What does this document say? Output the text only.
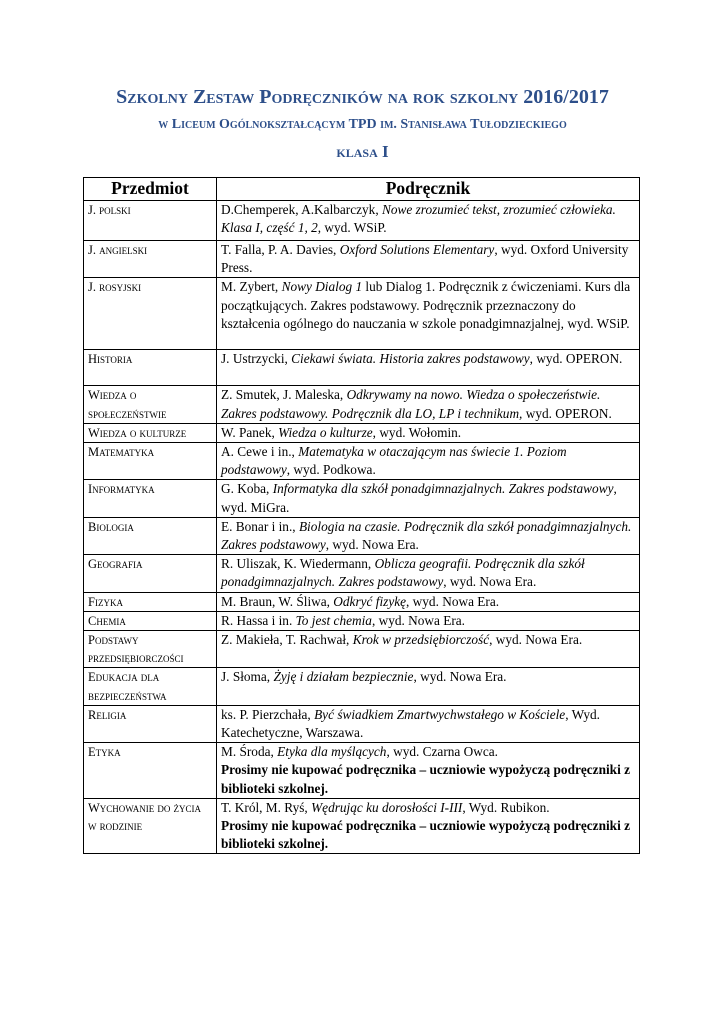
Szkolny Zestaw Podręczników na rok szkolny 2016/2017
w Liceum Ogólnokształcącym TPD im. Stanisława Tułodzieckiego
klasa I
Przedmiot	Podręcznik
J. polski	D.Chemperek, A.Kalbarczyk, Nowe zrozumieć tekst, zrozumieć człowieka. Klasa I, część 1, 2, wyd. WSiP.
J. angielski	T. Falla, P. A. Davies, Oxford Solutions Elementary, wyd. Oxford University Press.
J. rosyjski	M. Zybert, Nowy Dialog 1 lub Dialog 1. Podręcznik z ćwiczeniami. Kurs dla początkujących. Zakres podstawowy. Podręcznik przeznaczony do kształcenia ogólnego do nauczania w szkole ponadgimnazjalnej, wyd. WSiP.
Historia	J. Ustrzycki, Ciekawi świata. Historia zakres podstawowy, wyd. OPERON.
Wiedza o społeczeństwie	Z. Smutek, J. Maleska, Odkrywamy na nowo. Wiedza o społeczeństwie. Zakres podstawowy. Podręcznik dla LO, LP i technikum, wyd. OPERON.
Wiedza o kulturze	W. Panek, Wiedza o kulturze, wyd. Wołomin.
Matematyka	A. Cewe i in., Matematyka w otaczającym nas świecie 1. Poziom podstawowy, wyd. Podkowa.
Informatyka	G. Koba, Informatyka dla szkół ponadgimnazjalnych. Zakres podstawowy, wyd. MiGra.
Biologia	E. Bonar i in., Biologia na czasie. Podręcznik dla szkół ponadgimnazjalnych. Zakres podstawowy, wyd. Nowa Era.
Geografia	R. Uliszak, K. Wiedermann, Oblicza geografii. Podręcznik dla szkół ponadgimnazjalnych. Zakres podstawowy, wyd. Nowa Era.
Fizyka	M. Braun, W. Śliwa, Odkryć fizykę, wyd. Nowa Era.
Chemia	R. Hassa i in. To jest chemia, wyd. Nowa Era.
Podstawy przedsiębiorczości	Z. Makieła, T. Rachwał, Krok w przedsiębiorczość, wyd. Nowa Era.
Edukacja dla bezpieczeństwa	J. Słoma, Żyję i działam bezpiecznie, wyd. Nowa Era.
Religia	ks. P. Pierzchała, Być świadkiem Zmartwychwstałego w Kościele, Wyd. Katechetyczne, Warszawa.
Etyka	M. Środa, Etyka dla myślących, wyd. Czarna Owca.
Prosimy nie kupować podręcznika – uczniowie wypożyczą podręczniki z biblioteki szkolnej.

Wychowanie do życia w rodzinie	T. Król, M. Ryś, Wędrując ku dorosłości I-III, Wyd. Rubikon.
Prosimy nie kupować podręcznika – uczniowie wypożyczą podręczniki z biblioteki szkolnej.
